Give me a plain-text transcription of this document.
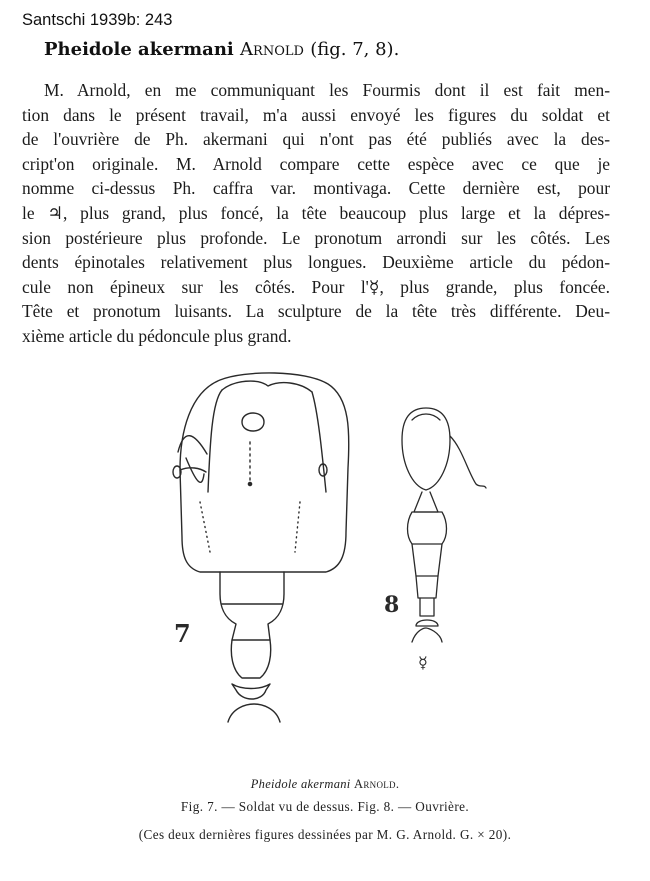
Santschi 1939b: 243
Pheidole akermani Arnold (fig. 7, 8).
M. Arnold, en me communiquant les Fourmis dont il est fait men-
tion dans le présent travail, m'a aussi envoyé les figures du soldat et
de l'ouvrière de Ph. akermani qui n'ont pas été publiés avec la des-
cript'on originale. M. Arnold compare cette espèce avec ce que je
nomme ci-dessus Ph. caffra var. montivaga. Cette dernière est, pour
le ♃, plus grand, plus foncé, la tête beaucoup plus large et la dépres-
sion postérieure plus profonde. Le pronotum arrondi sur les côtés. Les
dents épinotales relativement plus longues. Deuxième article du pédon-
cule non épineux sur les côtés. Pour l'☿, plus grande, plus foncée.
Tête et pronotum luisants. La sculpture de la tête très différente. Deu-
xième article du pédoncule plus grand.
7
8
☿
Pheidole akermani Arnold.
Fig. 7. — Soldat vu de dessus. Fig. 8. — Ouvrière.
(Ces deux dernières figures dessinées par M. G. Arnold. G. × 20).
